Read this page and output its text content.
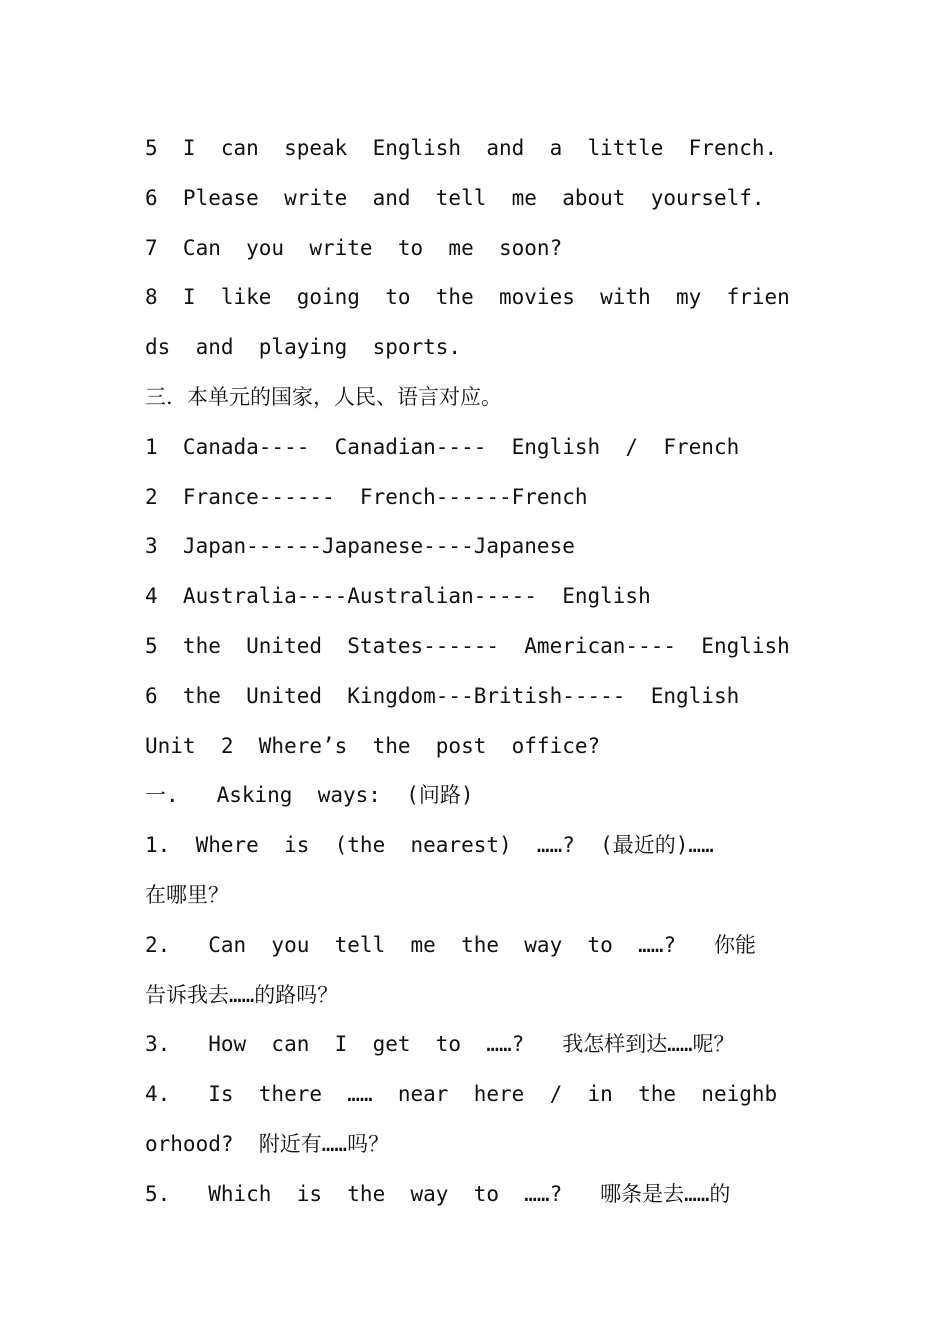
5  I  can  speak  English  and  a  little  French.
6  Please  write  and  tell  me  about  yourself.
7  Can  you  write  to  me  soon?
8  I  like  going  to  the  movies  with  my  frien
ds  and  playing  sports.
三．本单元的国家，人民、语言对应。
1  Canada----  Canadian----  English  /  French
2  France------  French------French
3  Japan------Japanese----Japanese
4  Australia----Australian-----  English
5  the  United  States------  American----  English
6  the  United  Kingdom---British-----  English
Unit  2  Where’s  the  post  office?
一.   Asking  ways:  (问路)
1.  Where  is  (the  nearest)  ……?  (最近的)……
在哪里？
2.   Can  you  tell  me  the  way  to  ……?   你能
告诉我去……的路吗？
3.   How  can  I  get  to  ……?   我怎样到达……呢？
4.   Is  there  ……  near  here  /  in  the  neighb
orhood?  附近有……吗？
5.   Which  is  the  way  to  ……?   哪条是去……的
